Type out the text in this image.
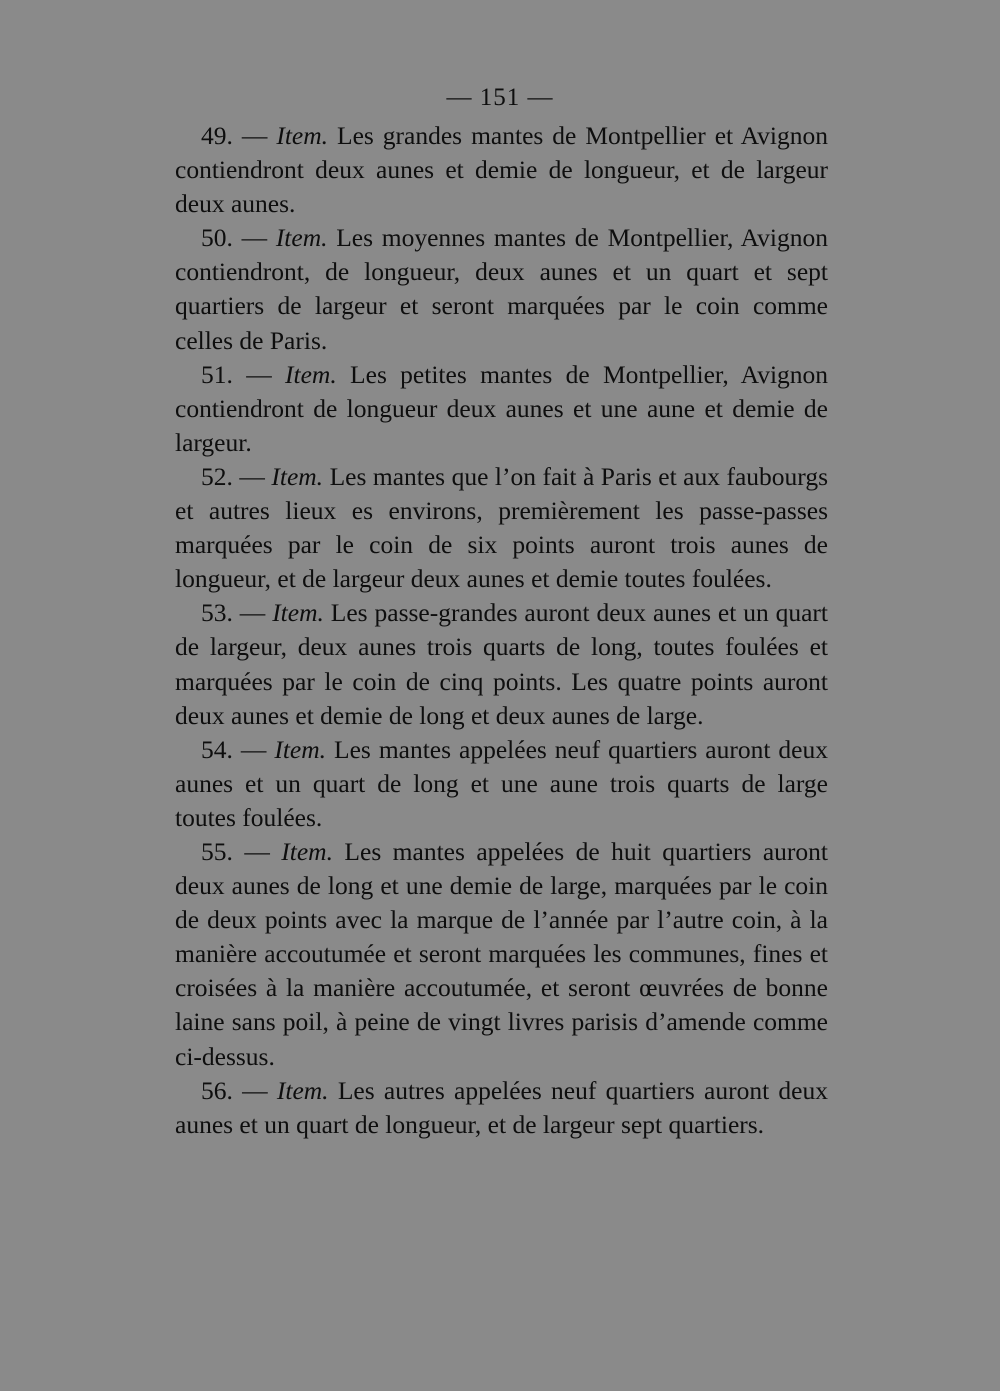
— 151 —

49. — Item. Les grandes mantes de Montpellier et Avignon contiendront deux aunes et demie de longueur, et de largeur deux aunes.

50. — Item. Les moyennes mantes de Montpellier, Avignon contiendront, de longueur, deux aunes et un quart et sept quartiers de largeur et seront marquées par le coin comme celles de Paris.

51. — Item. Les petites mantes de Montpellier, Avignon contiendront de longueur deux aunes et une aune et demie de largeur.

52. — Item. Les mantes que l’on fait à Paris et aux faubourgs et autres lieux es environs, premièrement les passe-passes marquées par le coin de six points auront trois aunes de longueur, et de largeur deux aunes et demie toutes foulées.

53. — Item. Les passe-grandes auront deux aunes et un quart de largeur, deux aunes trois quarts de long, toutes foulées et marquées par le coin de cinq points. Les quatre points auront deux aunes et demie de long et deux aunes de large.

54. — Item. Les mantes appelées neuf quartiers auront deux aunes et un quart de long et une aune trois quarts de large toutes foulées.

55. — Item. Les mantes appelées de huit quartiers auront deux aunes de long et une demie de large, marquées par le coin de deux points avec la marque de l’année par l’autre coin, à la manière accoutumée et seront marquées les communes, fines et croisées à la manière accoutumée, et seront œuvrées de bonne laine sans poil, à peine de vingt livres parisis d’amende comme ci-dessus.

56. — Item. Les autres appelées neuf quartiers auront deux aunes et un quart de longueur, et de largeur sept quartiers.
